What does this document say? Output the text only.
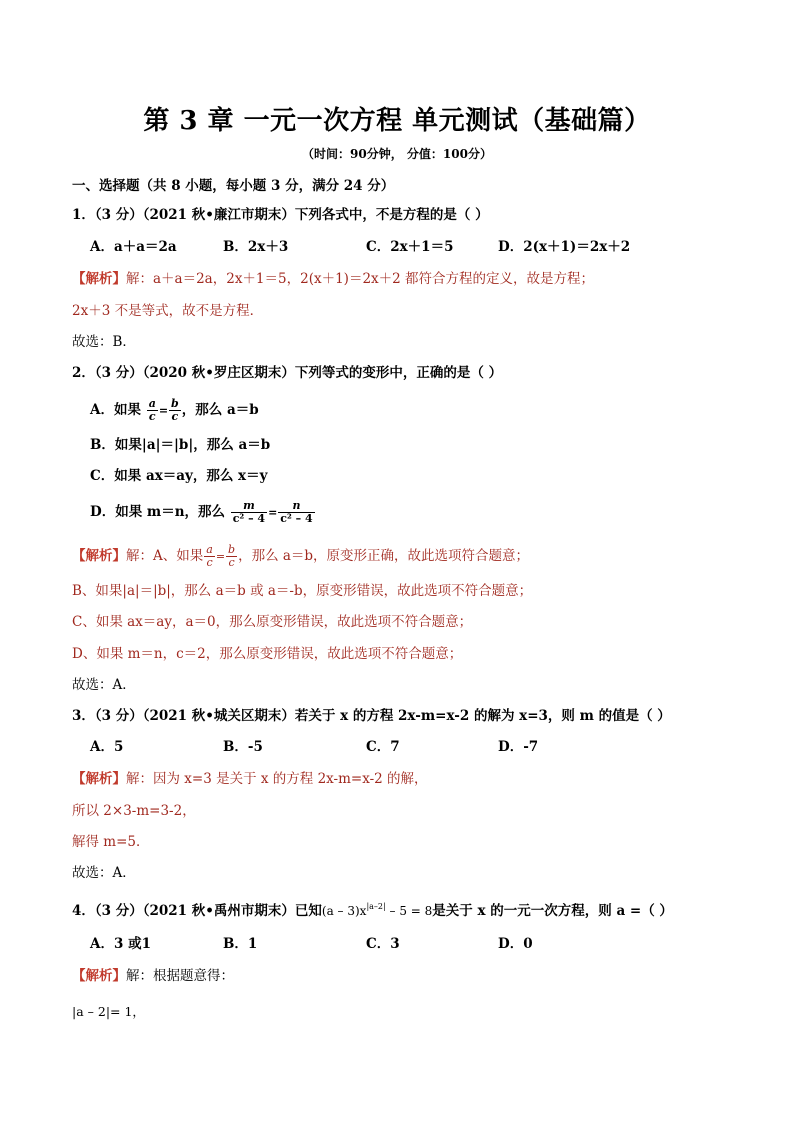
第 3 章 一元一次方程 单元测试（基础篇）
（时间：90分钟， 分值：100分）
一、选择题（共 8 小题，每小题 3 分，满分 24 分）
1．（3 分）（2021 秋•廉江市期末）下列各式中，不是方程的是（ ）
A．a＋a＝2a	B．2x＋3	C．2x＋1＝5	D．2(x＋1)＝2x＋2
【解析】解：a＋a＝2a，2x＋1＝5，2(x＋1)＝2x＋2 都符合方程的定义，故是方程；
2x＋3 不是等式，故不是方程．
故选：B．
2．（3 分）（2020 秋•罗庄区期末）下列等式的变形中，正确的是（ ）
A．如果 $\frac{a}{c} = \frac{b}{c}$ ，那么 a＝b
B．如果|a|＝|b|，那么 a＝b
C．如果 ax＝ay，那么 x＝y
D．如果 m＝n，那么 $\frac{m}{\text{c² – 4}} = \frac{n}{\text{c² – 4}}$
【解析】解：A、如果 $\frac{a}{c} = \frac{b}{c}$ ，那么 a＝b，原变形正确，故此选项符合题意；
B、如果|a|＝|b|，那么 a＝b 或 a＝-b，原变形错误，故此选项不符合题意；
C、如果 ax＝ay，a＝0，那么原变形错误，故此选项不符合题意；
D、如果 m＝n，c＝2，那么原变形错误，故此选项不符合题意；
故选：A．
3．（3 分）（2021 秋•城关区期末）若关于 x 的方程 2x-m=x-2 的解为 x=3，则 m 的值是（ ）
A．5	B．-5	C．7	D．-7
【解析】解：因为 x=3 是关于 x 的方程 2x-m=x-2 的解，
所以 2×3-m=3-2，
解得 m=5．
故选：A．
4．（3 分）（2021 秋•禹州市期末）已知$(a - 3)x^{|a-2|} - 5 = 8$是关于 x 的一元一次方程，则 a =（ ）
A．3 或1	B．1	C．3	D．0
【解析】解：根据题意得：
|a – 2|= 1，
